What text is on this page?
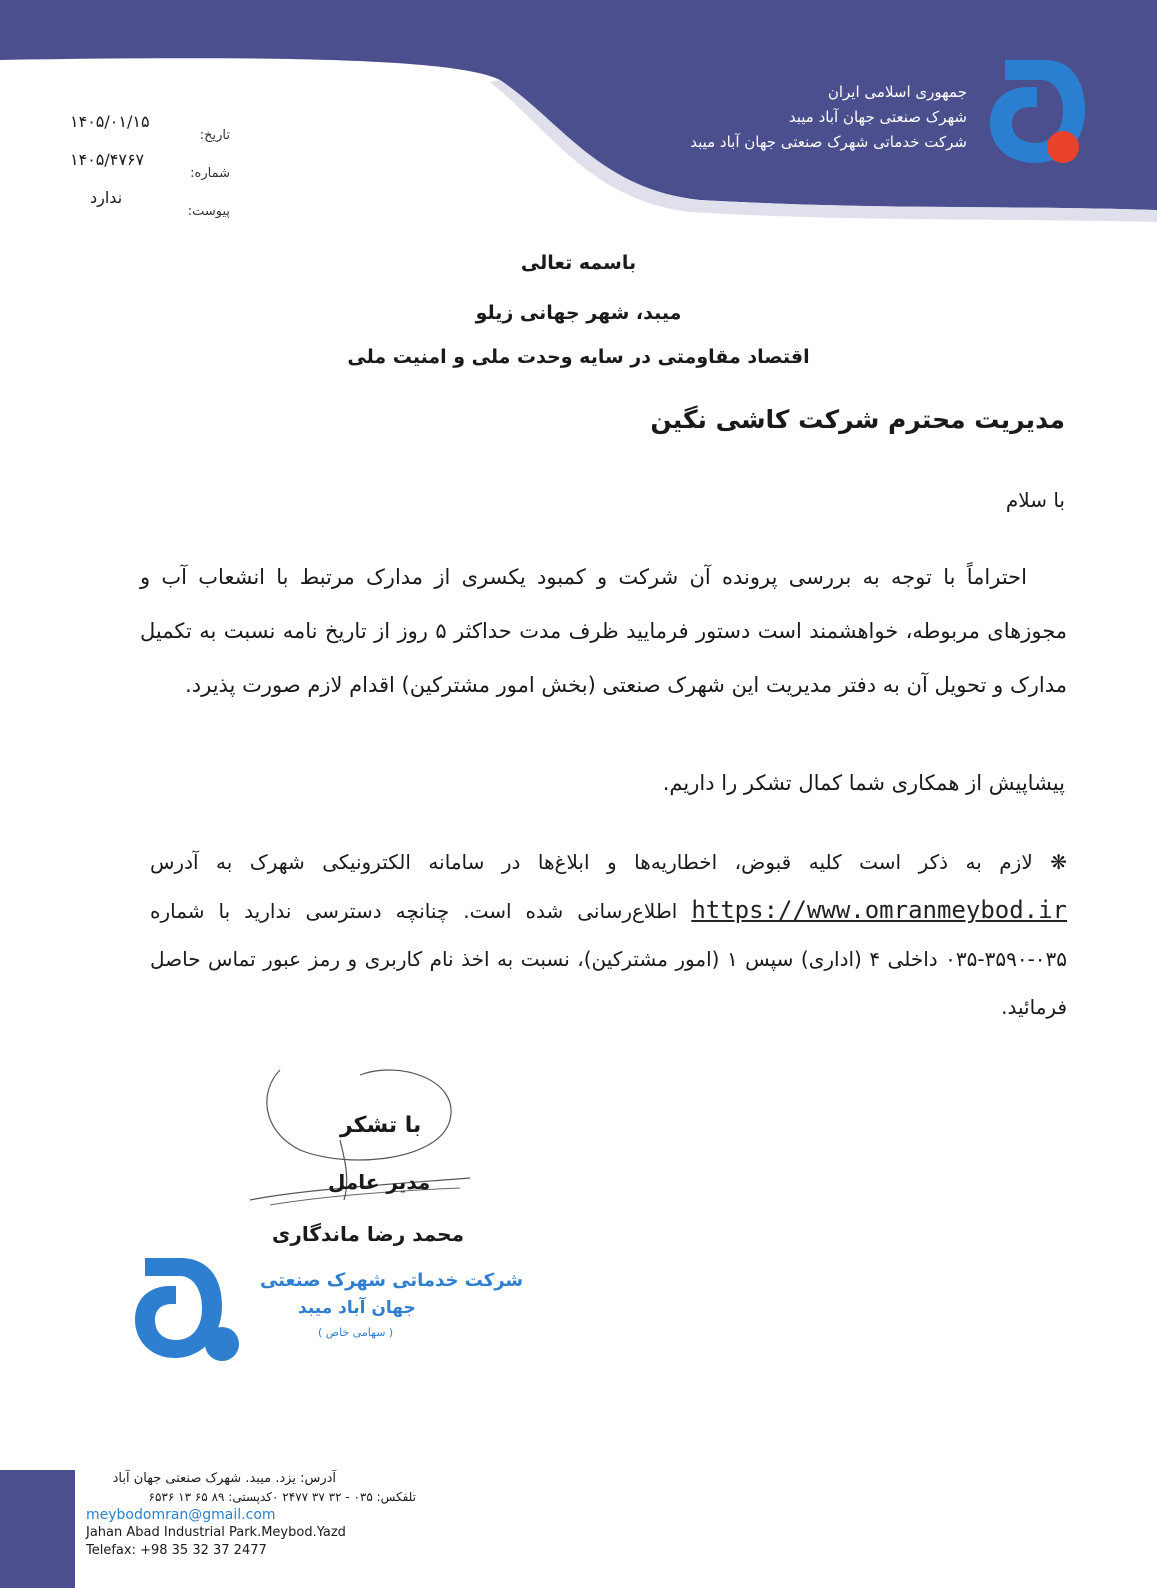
جمهوری اسلامی ایران
شهرک صنعتی جهان آباد میبد
شرکت خدماتی شهرک صنعتی جهان آباد میبد
تاریخ:
۱۴۰۵/۰۱/۱۵
شماره:
۱۴۰۵/۴۷۶۷
پیوست:
ندارد
باسمه تعالی
میبد، شهر جهانی زیلو
اقتصاد مقاومتی در سایه وحدت ملی و امنیت ملی
مدیریت محترم شرکت کاشی نگین
با سلام
احتراماً با توجه به بررسی پرونده آن شرکت و کمبود یکسری از مدارک مرتبط با انشعاب آب و مجوزهای مربوطه، خواهشمند است دستور فرمایید ظرف مدت حداکثر ۵ روز از تاریخ نامه نسبت به تکمیل مدارک و تحویل آن به دفتر مدیریت این شهرک صنعتی (بخش امور مشترکین) اقدام لازم صورت پذیرد.
پیشاپیش از همکاری شما کمال تشکر را داریم.
❋ لازم به ذکر است کلیه قبوض، اخطاریه‌ها و ابلاغ‌ها در سامانه الکترونیکی شهرک به آدرس https://www.omranmeybod.ir اطلاع‌رسانی شده است. چنانچه دسترسی ندارید با شماره ۰۳۵-۳۵۹۰-۰۳۵ داخلی ۴ (اداری) سپس ۱ (امور مشترکین)، نسبت به اخذ نام کاربری و رمز عبور تماس حاصل فرمائید.
با تشکر
مدیر عامل
محمد رضا ماندگاری
شرکت خدماتی شهرک صنعتی
جهان آباد میبد
( سهامی خاص )
آدرس: یزد. میبد. شهرک صنعتی جهان آباد
تلفکس: ۰۳۵ - ۳۲ ۳۷ ۲۴۷۷ ۰کدپستی: ۸۹ ۶۵ ۱۳ ۶۵۳۶
meybodomran@gmail.com
Jahan Abad Industrial Park.Meybod.Yazd
Telefax: +98 35 32 37 2477
